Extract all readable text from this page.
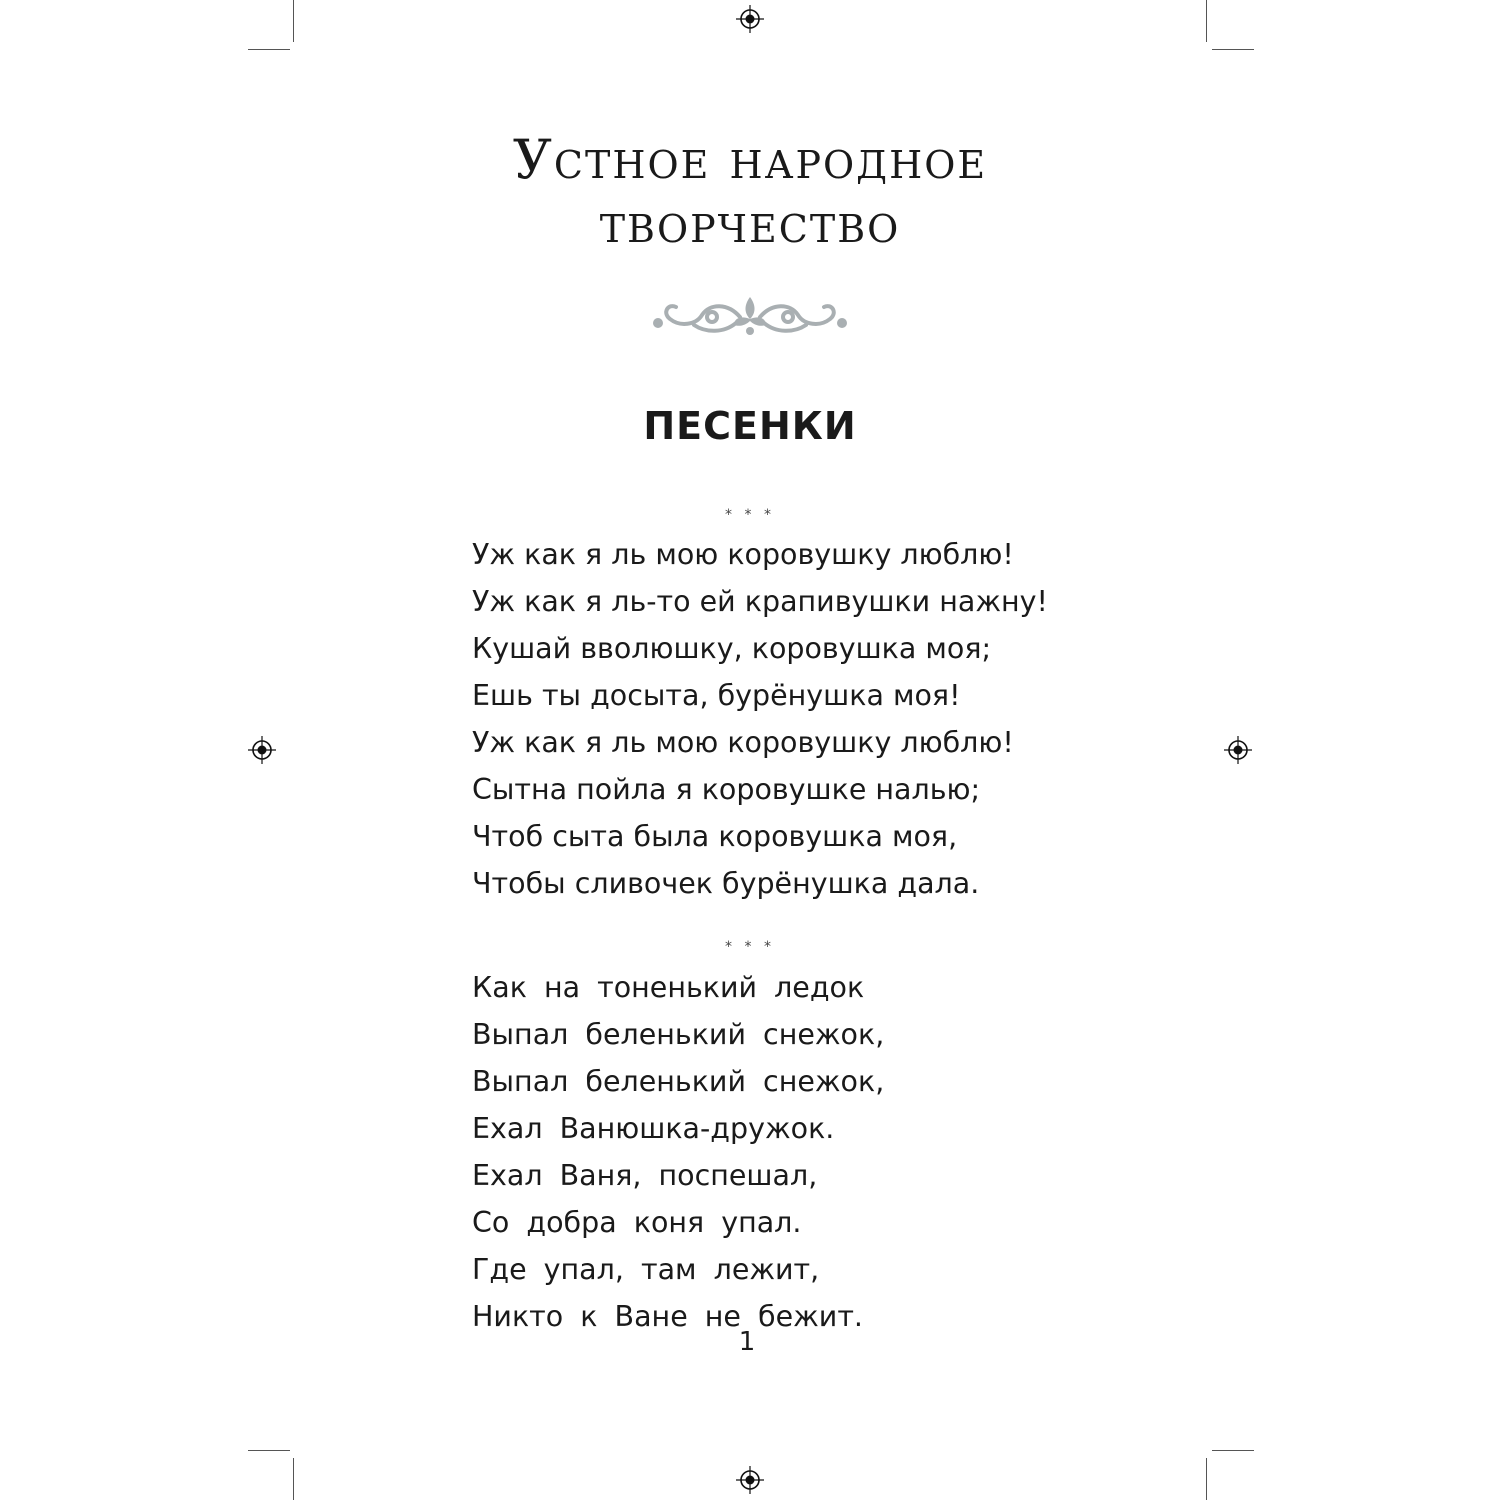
Устное народное
творчество
ПЕСЕНКИ
* * *
Уж как я ль мою коровушку люблю!
Уж как я ль-то ей крапивушки нажну!
Кушай вволюшку, коровушка моя;
Ешь ты досыта, бурёнушка моя!
Уж как я ль мою коровушку люблю!
Сытна пойла я коровушке налью;
Чтоб сыта была коровушка моя,
Чтобы сливочек бурёнушка дала.
* * *
Как на тоненький ледок
Выпал беленький снежок,
Выпал беленький снежок,
Ехал Ванюшка-дружок.
Ехал Ваня, поспешал,
Со добра коня упал.
Где упал, там лежит,
Никто к Ване не бежит.
1
